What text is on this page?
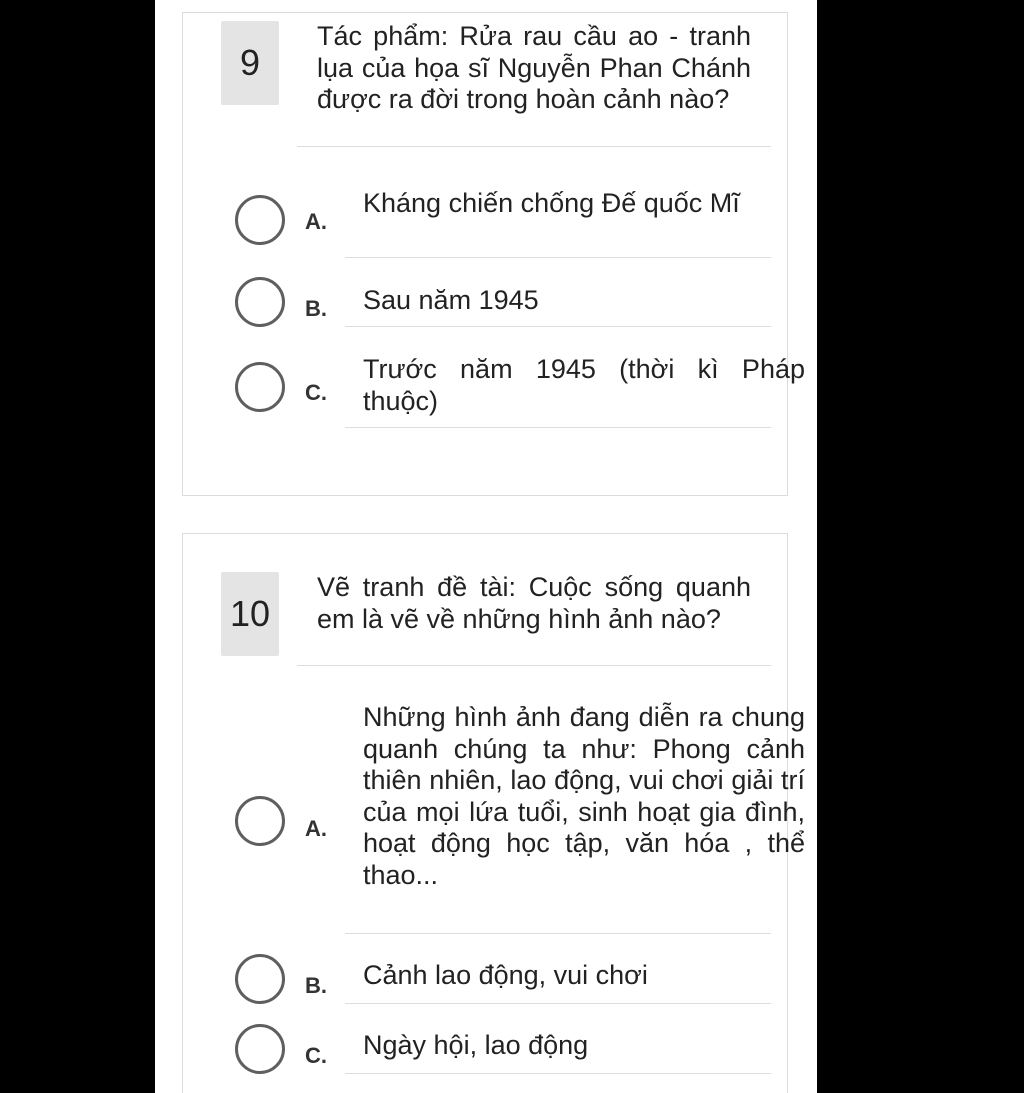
9
Tác phẩm: Rửa rau cầu ao - tranh lụa của họa sĩ Nguyễn Phan Chánh được ra đời trong hoàn cảnh nào?
A.
Kháng chiến chống Đế quốc Mĩ
B. Sau năm 1945
C.
Trước năm 1945 (thời kì Pháp thuộc)
10
Vẽ tranh đề tài: Cuộc sống quanh em là vẽ về những hình ảnh nào?
A.
Những hình ảnh đang diễn ra chung quanh chúng ta như: Phong cảnh thiên nhiên, lao động, vui chơi giải trí của mọi lứa tuổi, sinh hoạt gia đình, hoạt động học tập, văn hóa , thể thao...
B. Cảnh lao động, vui chơi
C. Ngày hội, lao động
